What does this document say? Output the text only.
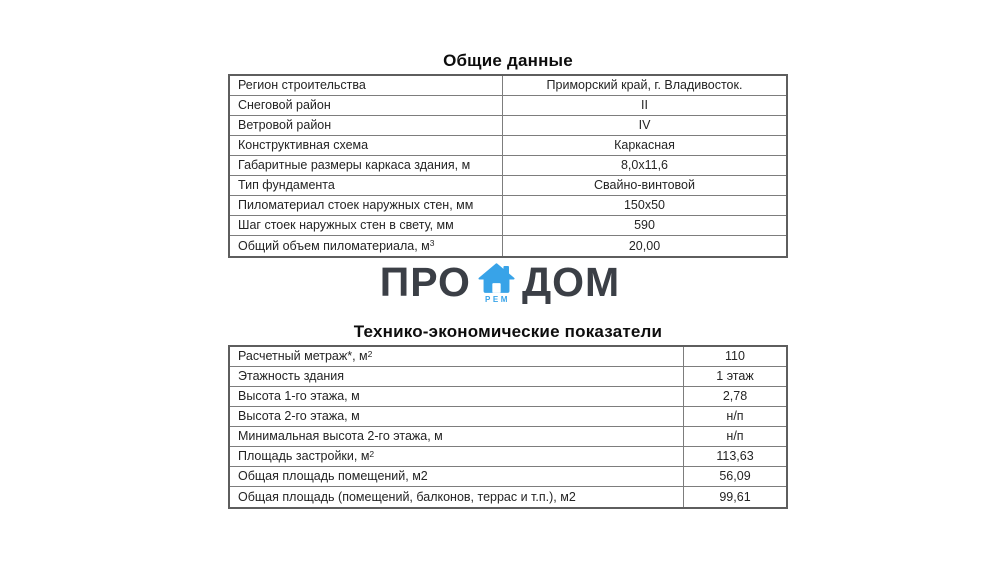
Общие данные
Регион строительства	Приморский край, г. Владивосток.
Снеговой район	II
Ветровой район	IV
Конструктивная схема	Каркасная
Габаритные размеры каркаса здания, м	8,0х11,6
Тип фундамента	Свайно-винтовой
Пиломатериал стоек наружных стен, мм	150х50
Шаг стоек наружных стен в свету, мм	590
Общий объем пиломатериала, $м^3$	20,00
ПРО РЕМ ДОМ
Технико-экономические показатели
Расчетный метраж*, $м^2$	110
Этажность здания	1 этаж
Высота 1-го этажа, м	2,78
Высота 2-го этажа, м	н/п
Минимальная высота 2-го этажа, м	н/п
Площадь застройки, $м^2$	113,63
Общая площадь помещений, м2	56,09
Общая площадь (помещений, балконов, террас и т.п.), м2	99,61
